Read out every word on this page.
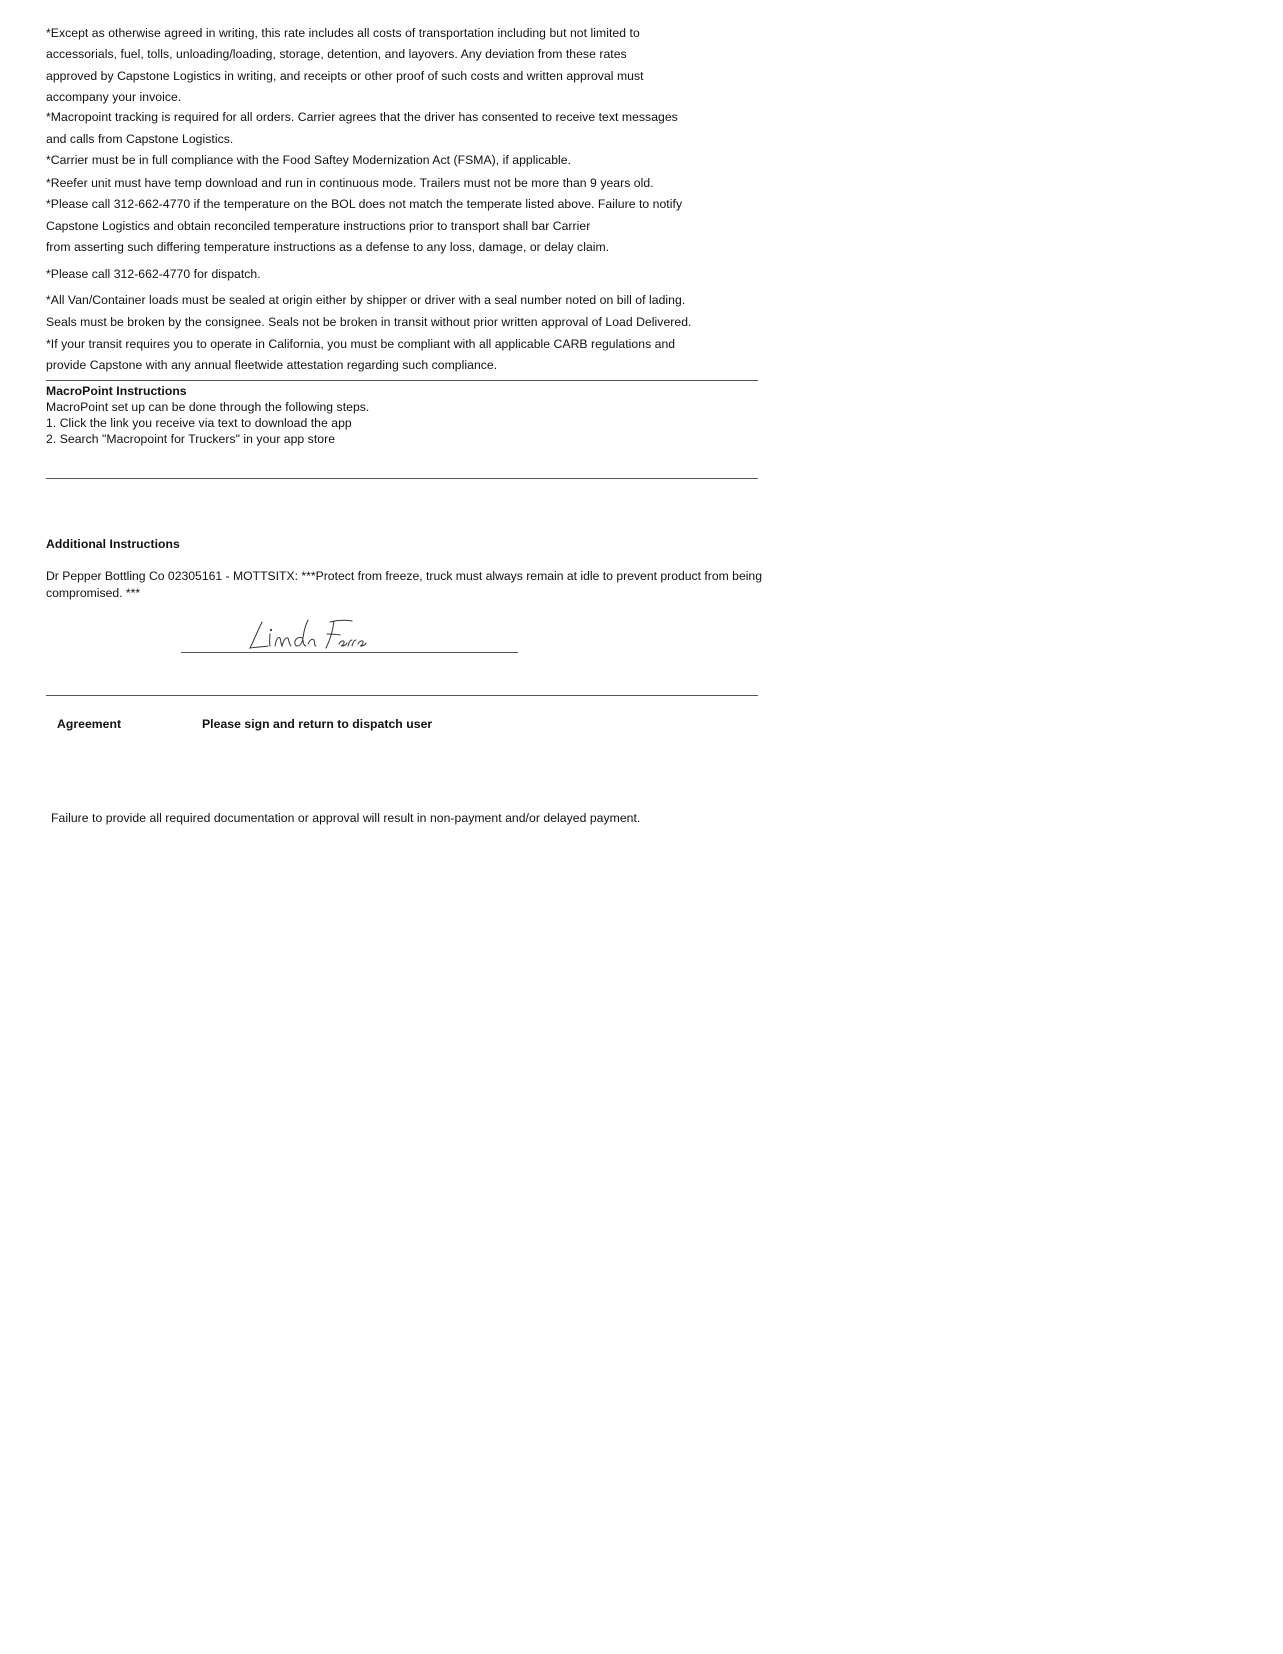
*Except as otherwise agreed in writing, this rate includes all costs of transportation including but not limited to
accessorials, fuel, tolls, unloading/loading, storage, detention, and layovers. Any deviation from these rates
approved by Capstone Logistics in writing, and receipts or other proof of such costs and written approval must
accompany your invoice.
*Macropoint tracking is required for all orders. Carrier agrees that the driver has consented to receive text messages
and calls from Capstone Logistics.
*Carrier must be in full compliance with the Food Saftey Modernization Act (FSMA), if applicable.
*Reefer unit must have temp download and run in continuous mode. Trailers must not be more than 9 years old.
*Please call 312-662-4770 if the temperature on the BOL does not match the temperate listed above. Failure to notify
Capstone Logistics and obtain reconciled temperature instructions prior to transport shall bar Carrier
from asserting such differing temperature instructions as a defense to any loss, damage, or delay claim.
*Please call 312-662-4770 for dispatch.
*All Van/Container loads must be sealed at origin either by shipper or driver with a seal number noted on bill of lading.
Seals must be broken by the consignee. Seals not be broken in transit without prior written approval of Load Delivered.
*If your transit requires you to operate in California, you must be compliant with all applicable CARB regulations and
provide Capstone with any annual fleetwide attestation regarding such compliance.
MacroPoint Instructions
MacroPoint set up can be done through the following steps.
1. Click the link you receive via text to download the app
2. Search "Macropoint for Truckers" in your app store
Additional Instructions
Dr Pepper Bottling Co 02305161 - MOTTSITX: ***Protect from freeze, truck must always remain at idle to prevent product from being compromised. ***
Agreement	Please sign and return to dispatch user
Failure to provide all required documentation or approval will result in non-payment and/or delayed payment.
